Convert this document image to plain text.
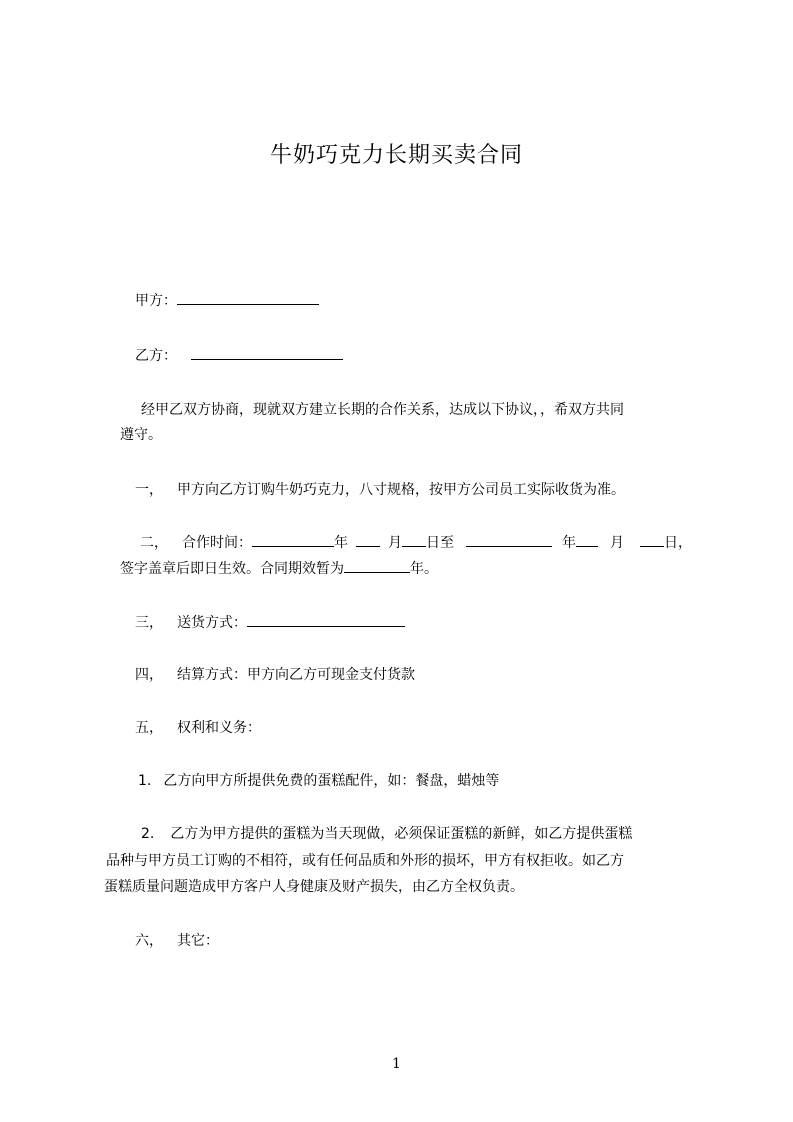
牛奶巧克力长期买卖合同
甲方：
乙方：
经甲乙双方协商，现就双方建立长期的合作关系，达成以下协议，，希双方共同
遵守。
一， 甲方向乙方订购牛奶巧克力，八寸规格，按甲方公司员工实际收货为准。
二， 合作时间：	年	月 日至	年 月	日，
签字盖章后即日生效。合同期效暂为	年。
三， 送货方式：
四， 结算方式：甲方向乙方可现金支付货款
五， 权利和义务：
1. 乙方向甲方所提供免费的蛋糕配件，如：餐盘，蜡烛等
2. 乙方为甲方提供的蛋糕为当天现做，必须保证蛋糕的新鲜，如乙方提供蛋糕
品种与甲方员工订购的不相符，或有任何品质和外形的损坏，甲方有权拒收。如乙方
蛋糕质量问题造成甲方客户人身健康及财产损失，由乙方全权负责。
六， 其它：
1
